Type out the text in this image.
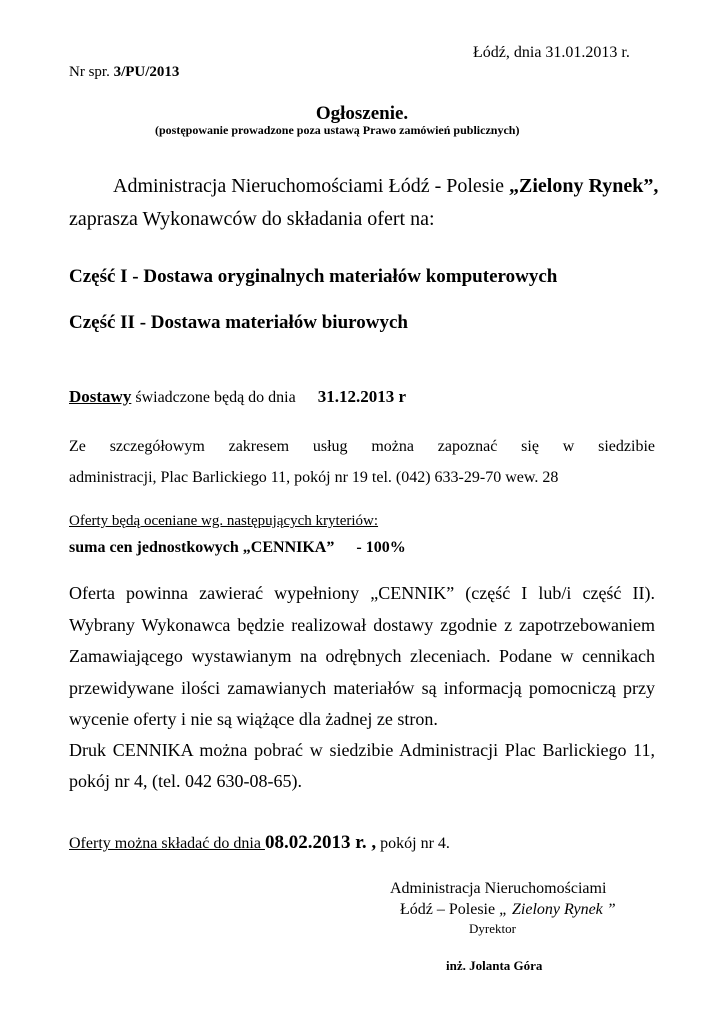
Łódź, dnia 31.01.2013 r.
Nr spr. 3/PU/2013
Ogłoszenie.
(postępowanie prowadzone poza ustawą Prawo zamówień publicznych)
Administracja Nieruchomościami Łódź - Polesie „Zielony Rynek”,
zaprasza Wykonawców do składania ofert na:
Część I - Dostawa oryginalnych materiałów komputerowych
Część II - Dostawa materiałów biurowych
Dostawy świadczone będą do dnia 31.12.2013 r
Ze szczegółowym zakresem usług można zapoznać się w siedzibie
administracji, Plac Barlickiego 11, pokój nr 19 tel. (042) 633-29-70 wew. 28
Oferty będą oceniane wg. następujących kryteriów:
suma cen jednostkowych „CENNIKA” - 100%
Oferta powinna zawierać wypełniony „CENNIK” (część I lub/i część II).
Wybrany Wykonawca będzie realizował dostawy zgodnie z zapotrzebowaniem
Zamawiającego wystawianym na odrębnych zleceniach. Podane w cennikach
przewidywane ilości zamawianych materiałów są informacją pomocniczą przy
wycenie oferty i nie są wiążące dla żadnej ze stron.
Druk CENNIKA można pobrać w siedzibie Administracji Plac Barlickiego 11,
pokój nr 4, (tel. 042 630-08-65).
Oferty można składać do dnia 08.02.2013 r. , pokój nr 4.
Administracja Nieruchomościami
Łódź – Polesie „ Zielony Rynek ”
Dyrektor
inż. Jolanta Góra
